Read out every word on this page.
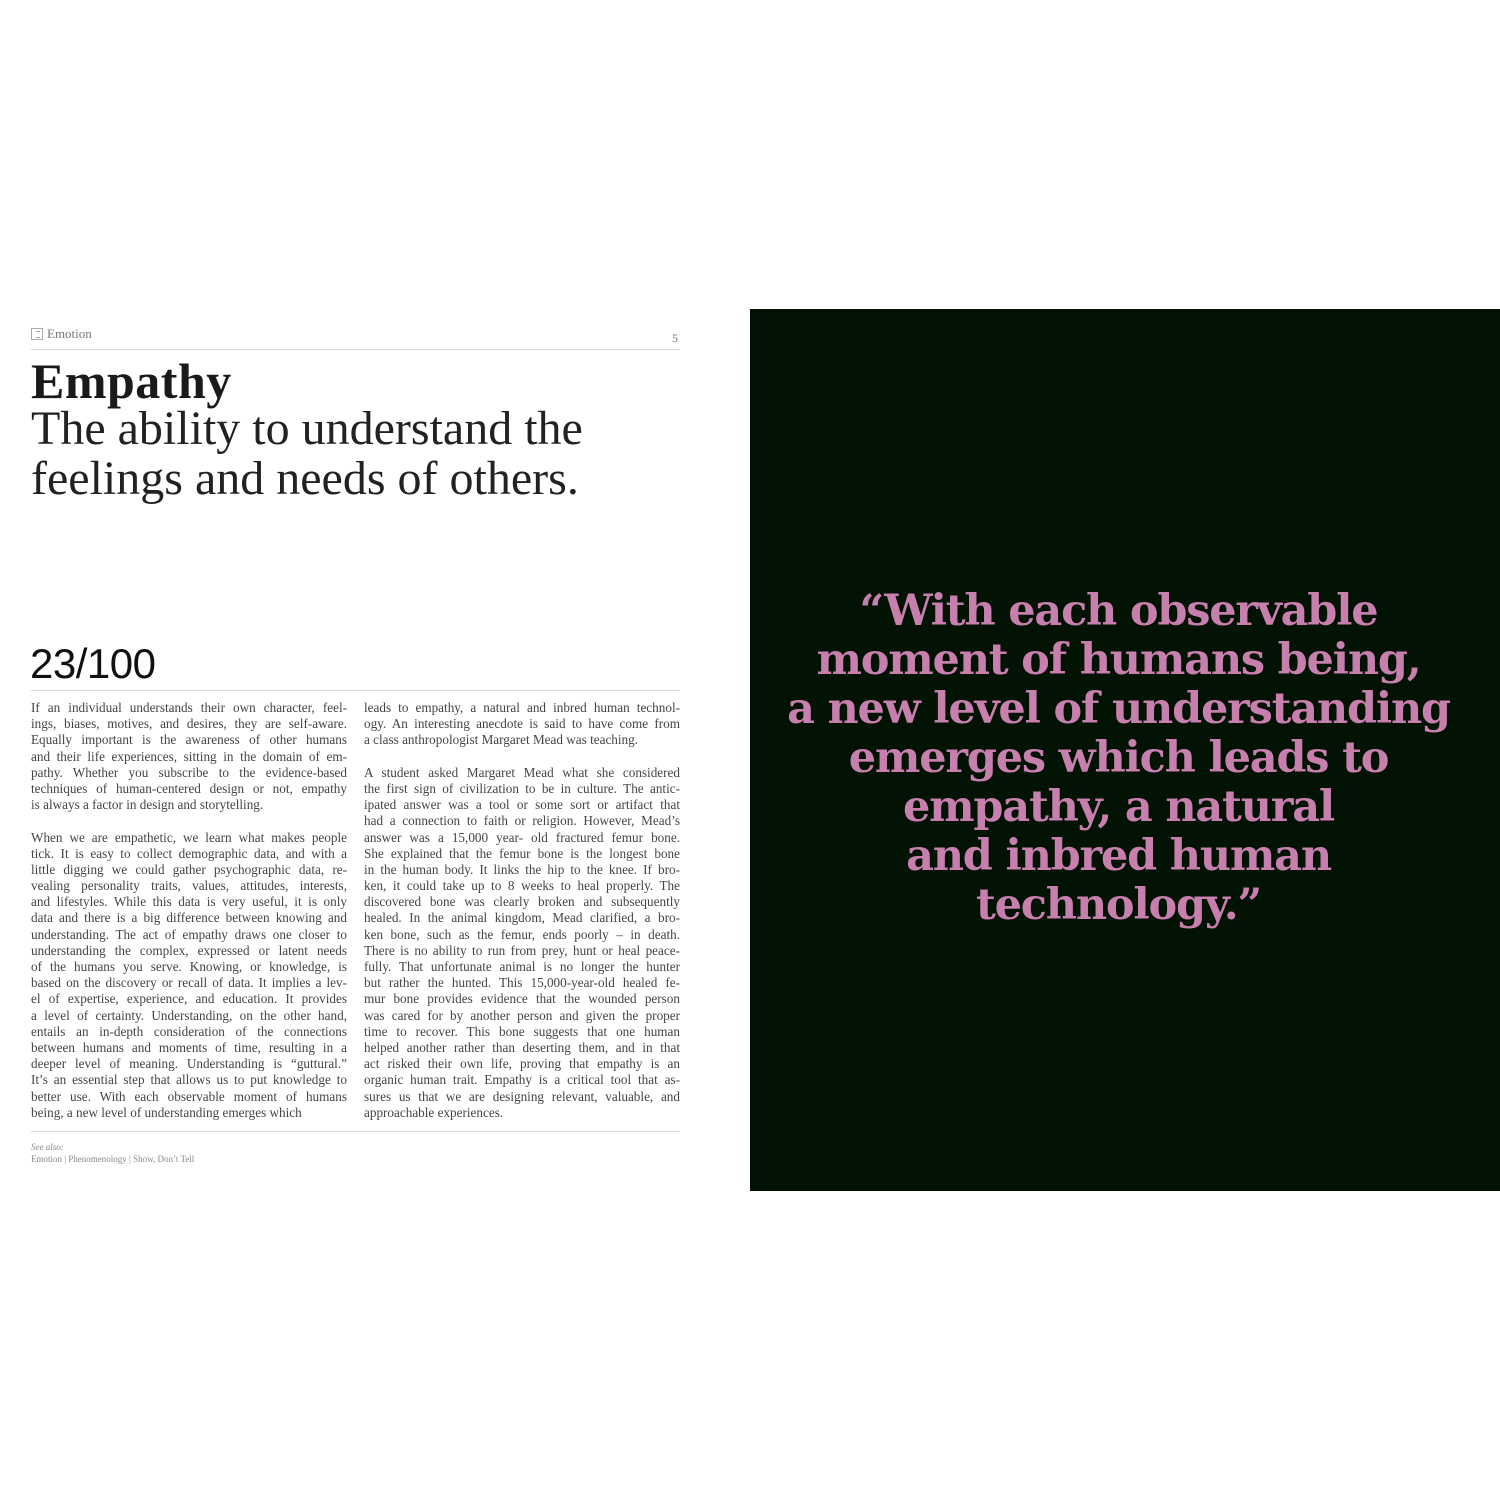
Emotion	5
Empathy
The ability to understand the
feelings and needs of others.
23/100
If an individual understands their own character, feel-
ings, biases, motives, and desires, they are self-aware.
Equally important is the awareness of other humans
and their life experiences, sitting in the domain of em-
pathy. Whether you subscribe to the evidence-based
techniques of human-centered design or not, empathy
is always a factor in design and storytelling.
When we are empathetic, we learn what makes people
tick. It is easy to collect demographic data, and with a
little digging we could gather psychographic data, re-
vealing personality traits, values, attitudes, interests,
and lifestyles. While this data is very useful, it is only
data and there is a big difference between knowing and
understanding. The act of empathy draws one closer to
understanding the complex, expressed or latent needs
of the humans you serve. Knowing, or knowledge, is
based on the discovery or recall of data. It implies a lev-
el of expertise, experience, and education. It provides
a level of certainty. Understanding, on the other hand,
entails an in-depth consideration of the connections
between humans and moments of time, resulting in a
deeper level of meaning. Understanding is “guttural.”
It’s an essential step that allows us to put knowledge to
better use. With each observable moment of humans
being, a new level of understanding emerges which
leads to empathy, a natural and inbred human technol-
ogy. An interesting anecdote is said to have come from
a class anthropologist Margaret Mead was teaching.
A student asked Margaret Mead what she considered
the first sign of civilization to be in culture. The antic-
ipated answer was a tool or some sort or artifact that
had a connection to faith or religion. However, Mead’s
answer was a 15,000 year- old fractured femur bone.
She explained that the femur bone is the longest bone
in the human body. It links the hip to the knee. If bro-
ken, it could take up to 8 weeks to heal properly. The
discovered bone was clearly broken and subsequently
healed. In the animal kingdom, Mead clarified, a bro-
ken bone, such as the femur, ends poorly – in death.
There is no ability to run from prey, hunt or heal peace-
fully. That unfortunate animal is no longer the hunter
but rather the hunted. This 15,000-year-old healed fe-
mur bone provides evidence that the wounded person
was cared for by another person and given the proper
time to recover. This bone suggests that one human
helped another rather than deserting them, and in that
act risked their own life, proving that empathy is an
organic human trait. Empathy is a critical tool that as-
sures us that we are designing relevant, valuable, and
approachable experiences.
See also:
Emotion | Phenomenology | Show, Don’t Tell
“With each observable
moment of humans being,
a new level of understanding
emerges which leads to
empathy, a natural
and inbred human
technology.”
